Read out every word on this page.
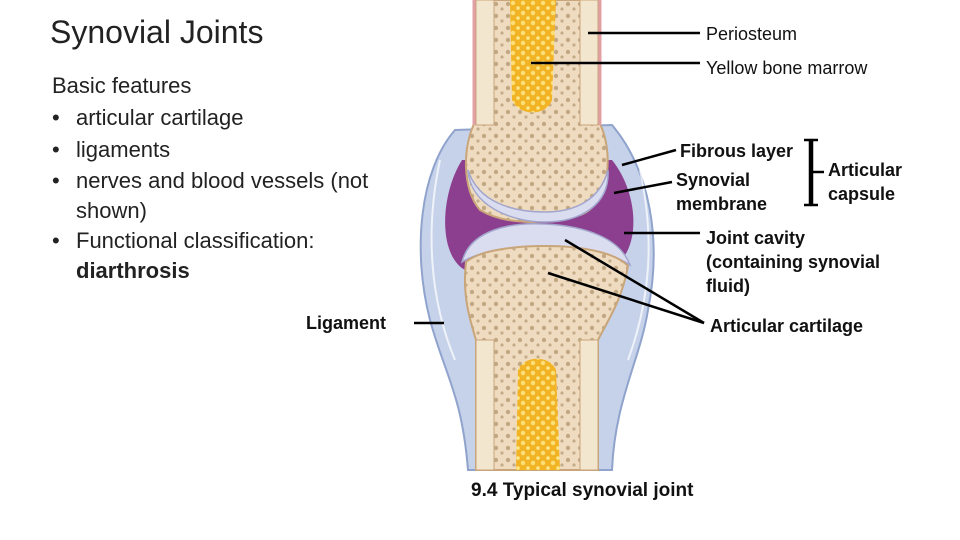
Synovial Joints
Basic features
• articular cartilage
• ligaments
• nerves and blood vessels (not shown)
• Functional classification:
diarthrosis
Periosteum
Yellow bone marrow
Fibrous layer
Synovial
membrane
Articular
capsule
Joint cavity
(containing synovial
fluid)
Ligament	Articular cartilage
9.4 Typical synovial joint
